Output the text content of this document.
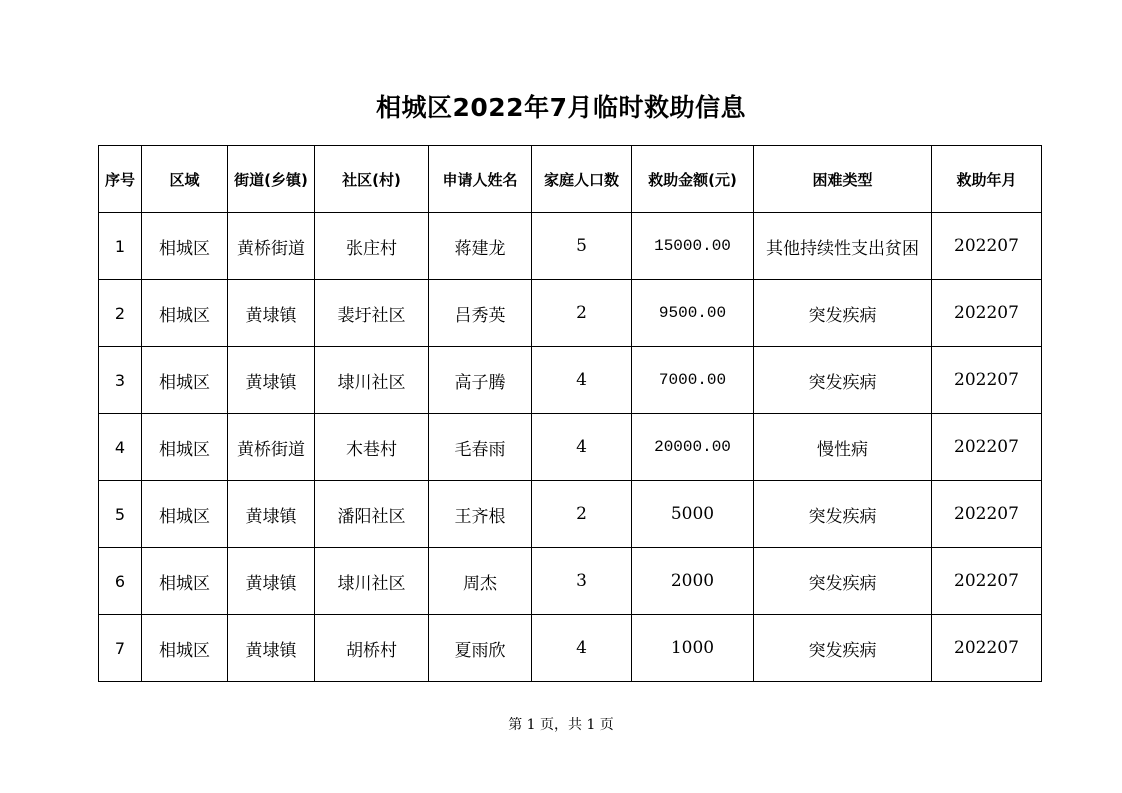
相城区2022年7月临时救助信息
序号	区域	街道(乡镇)	社区(村)	申请人姓名	家庭人口数	救助金额(元)	困难类型	救助年月
1	相城区	黄桥街道	张庄村	蒋建龙	5	15000.00	其他持续性支出贫困	202207
2	相城区	黄埭镇	裴圩社区	吕秀英	2	9500.00	突发疾病	202207
3	相城区	黄埭镇	埭川社区	高子腾	4	7000.00	突发疾病	202207
4	相城区	黄桥街道	木巷村	毛春雨	4	20000.00	慢性病	202207
5	相城区	黄埭镇	潘阳社区	王齐根	2	5000	突发疾病	202207
6	相城区	黄埭镇	埭川社区	周杰	3	2000	突发疾病	202207
7	相城区	黄埭镇	胡桥村	夏雨欣	4	1000	突发疾病	202207
第 1 页，共 1 页
